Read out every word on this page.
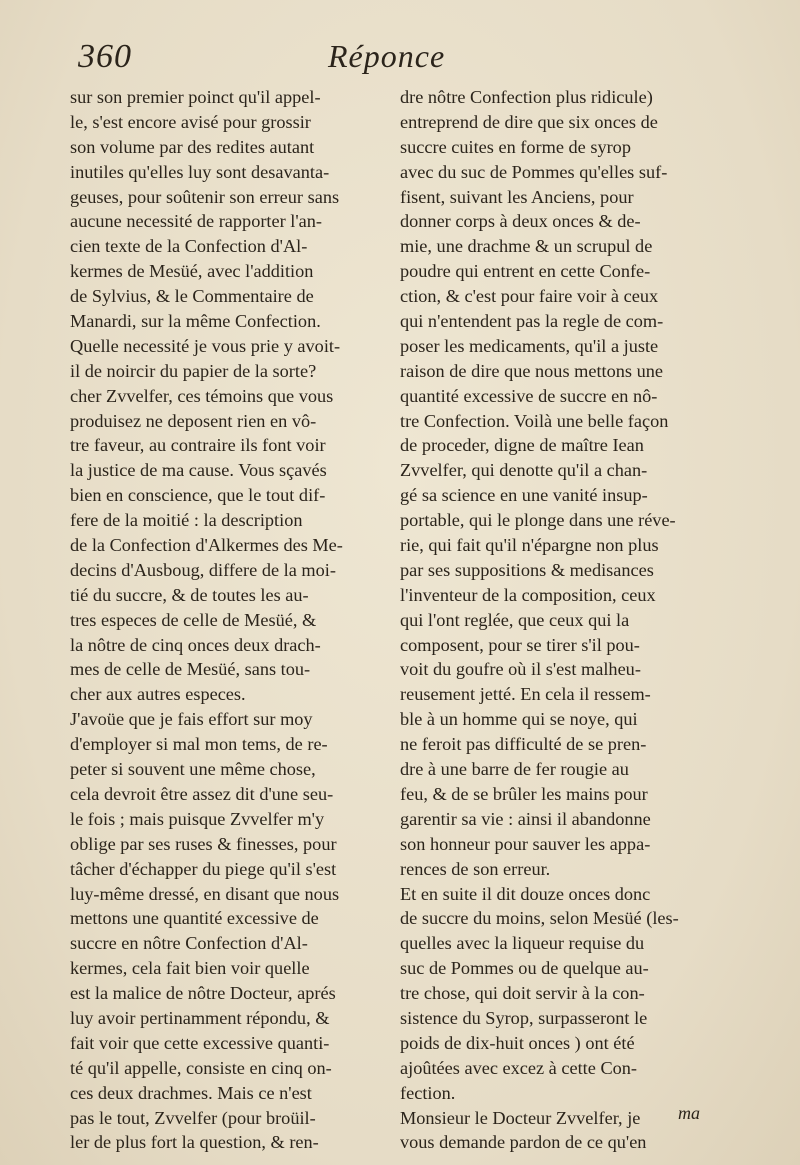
360	Réponce
sur son premier poinct qu'il appel-
le, s'est encore avisé pour grossir
son volume par des redites autant
inutiles qu'elles luy sont desavanta-
geuses, pour soûtenir son erreur sans
aucune necessité de rapporter l'an-
cien texte de la Confection d'Al-
kermes de Mesüé, avec l'addition
de Sylvius, & le Commentaire de
Manardi, sur la même Confection.
Quelle necessité je vous prie y avoit-
il de noircir du papier de la sorte?
cher Zvvelfer, ces témoins que vous
produisez ne deposent rien en vô-
tre faveur, au contraire ils font voir
la justice de ma cause. Vous sçavés
bien en conscience, que le tout dif-
fere de la moitié : la description
de la Confection d'Alkermes des Me-
decins d'Ausboug, differe de la moi-
tié du succre, & de toutes les au-
tres especes de celle de Mesüé, &
la nôtre de cinq onces deux drach-
mes de celle de Mesüé, sans tou-
cher aux autres especes.
J'avoüe que je fais effort sur moy
d'employer si mal mon tems, de re-
peter si souvent une même chose,
cela devroit être assez dit d'une seu-
le fois ; mais puisque Zvvelfer m'y
oblige par ses ruses & finesses, pour
tâcher d'échapper du piege qu'il s'est
luy-même dressé, en disant que nous
mettons une quantité excessive de
succre en nôtre Confection d'Al-
kermes, cela fait bien voir quelle
est la malice de nôtre Docteur, aprés
luy avoir pertinamment répondu, &
fait voir que cette excessive quanti-
té qu'il appelle, consiste en cinq on-
ces deux drachmes. Mais ce n'est
pas le tout, Zvvelfer (pour broüil-
ler de plus fort la question, & ren-
dre nôtre Confection plus ridicule)
entreprend de dire que six onces de
succre cuites en forme de syrop
avec du suc de Pommes qu'elles suf-
fisent, suivant les Anciens, pour
donner corps à deux onces & de-
mie, une drachme & un scrupul de
poudre qui entrent en cette Confe-
ction, & c'est pour faire voir à ceux
qui n'entendent pas la regle de com-
poser les medicaments, qu'il a juste
raison de dire que nous mettons une
quantité excessive de succre en nô-
tre Confection. Voilà une belle façon
de proceder, digne de maître Iean
Zvvelfer, qui denotte qu'il a chan-
gé sa science en une vanité insup-
portable, qui le plonge dans une réve-
rie, qui fait qu'il n'épargne non plus
par ses suppositions & medisances
l'inventeur de la composition, ceux
qui l'ont reglée, que ceux qui la
composent, pour se tirer s'il pou-
voit du goufre où il s'est malheu-
reusement jetté. En cela il ressem-
ble à un homme qui se noye, qui
ne feroit pas difficulté de se pren-
dre à une barre de fer rougie au
feu, & de se brûler les mains pour
garentir sa vie : ainsi il abandonne
son honneur pour sauver les appa-
rences de son erreur.
Et en suite il dit douze onces donc
de succre du moins, selon Mesüé (les-
quelles avec la liqueur requise du
suc de Pommes ou de quelque au-
tre chose, qui doit servir à la con-
sistence du Syrop, surpasseront le
poids de dix-huit onces ) ont été
ajoûtées avec excez à cette Con-
fection.
Monsieur le Docteur Zvvelfer, je
vous demande pardon de ce qu'en
ma
